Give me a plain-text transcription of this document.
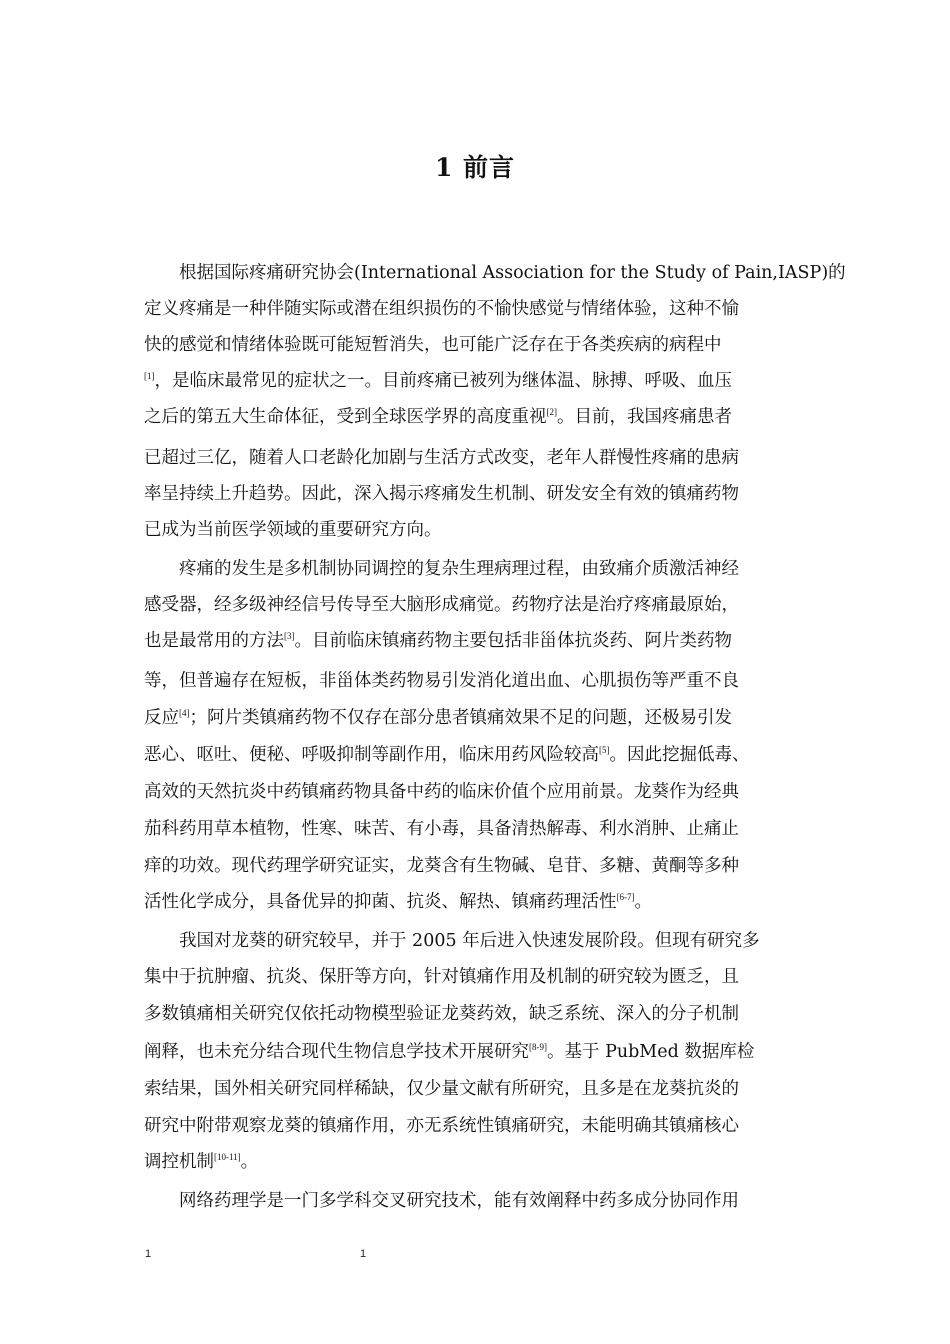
1 前言
根据国际疼痛研究协会(International Association for the Study of Pain,IASP)的
定义疼痛是一种伴随实际或潜在组织损伤的不愉快感觉与情绪体验，这种不愉
快的感觉和情绪体验既可能短暂消失，也可能广泛存在于各类疾病的病程中
[1]，是临床最常见的症状之一。目前疼痛已被列为继体温、脉搏、呼吸、血压
之后的第五大生命体征，受到全球医学界的高度重视[2]。目前，我国疼痛患者
已超过三亿，随着人口老龄化加剧与生活方式改变，老年人群慢性疼痛的患病
率呈持续上升趋势。因此，深入揭示疼痛发生机制、研发安全有效的镇痛药物
已成为当前医学领域的重要研究方向。
疼痛的发生是多机制协同调控的复杂生理病理过程，由致痛介质激活神经
感受器，经多级神经信号传导至大脑形成痛觉。药物疗法是治疗疼痛最原始，
也是最常用的方法[3]。目前临床镇痛药物主要包括非甾体抗炎药、阿片类药物
等，但普遍存在短板，非甾体类药物易引发消化道出血、心肌损伤等严重不良
反应[4]；阿片类镇痛药物不仅存在部分患者镇痛效果不足的问题，还极易引发
恶心、呕吐、便秘、呼吸抑制等副作用，临床用药风险较高[5]。因此挖掘低毒、
高效的天然抗炎中药镇痛药物具备中药的临床价值个应用前景。龙葵作为经典
茄科药用草本植物，性寒、味苦、有小毒，具备清热解毒、利水消肿、止痛止
痒的功效。现代药理学研究证实，龙葵含有生物碱、皂苷、多糖、黄酮等多种
活性化学成分，具备优异的抑菌、抗炎、解热、镇痛药理活性[6-7]。
我国对龙葵的研究较早，并于 2005 年后进入快速发展阶段。但现有研究多
集中于抗肿瘤、抗炎、保肝等方向，针对镇痛作用及机制的研究较为匮乏，且
多数镇痛相关研究仅依托动物模型验证龙葵药效，缺乏系统、深入的分子机制
阐释，也未充分结合现代生物信息学技术开展研究[8-9]。基于 PubMed 数据库检
索结果，国外相关研究同样稀缺，仅少量文献有所研究，且多是在龙葵抗炎的
研究中附带观察龙葵的镇痛作用，亦无系统性镇痛研究，未能明确其镇痛核心
调控机制[10-11]。
网络药理学是一门多学科交叉研究技术，能有效阐释中药多成分协同作用
1	1
